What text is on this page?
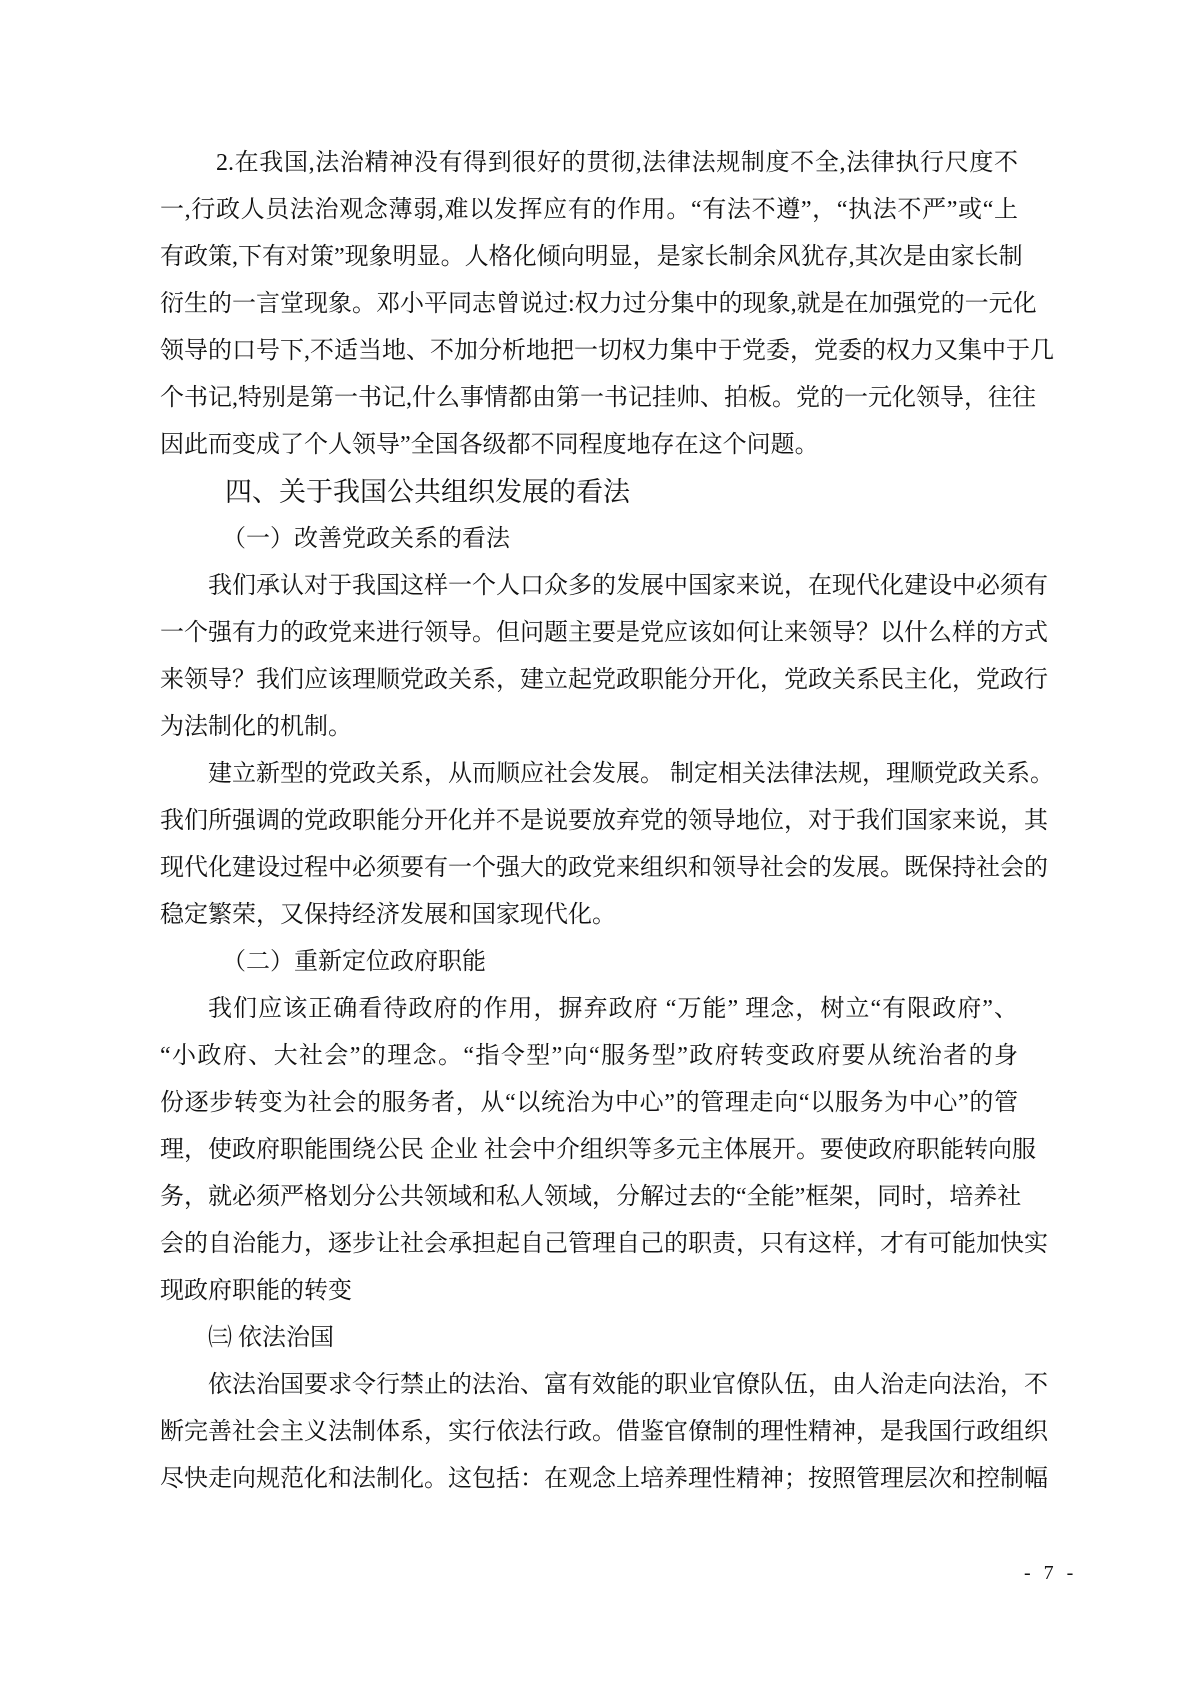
2.在我国,法治精神没有得到很好的贯彻,法律法规制度不全,法律执行尺度不
一,行政人员法治观念薄弱,难以发挥应有的作用。“有法不遵”，“执法不严”或“上
有政策,下有对策”现象明显。人格化倾向明显，是家长制余风犹存,其次是由家长制
衍生的一言堂现象。邓小平同志曾说过:权力过分集中的现象,就是在加强党的一元化
领导的口号下,不适当地、不加分析地把一切权力集中于党委，党委的权力又集中于几
个书记,特别是第一书记,什么事情都由第一书记挂帅、拍板。党的一元化领导，往往
因此而变成了个人领导”全国各级都不同程度地存在这个问题。
四、关于我国公共组织发展的看法
（一）改善党政关系的看法
我们承认对于我国这样一个人口众多的发展中国家来说，在现代化建设中必须有
一个强有力的政党来进行领导。但问题主要是党应该如何让来领导？以什么样的方式
来领导？我们应该理顺党政关系，建立起党政职能分开化，党政关系民主化，党政行
为法制化的机制。
建立新型的党政关系，从而顺应社会发展。 制定相关法律法规，理顺党政关系。
我们所强调的党政职能分开化并不是说要放弃党的领导地位，对于我们国家来说，其
现代化建设过程中必须要有一个强大的政党来组织和领导社会的发展。既保持社会的
稳定繁荣，又保持经济发展和国家现代化。
（二）重新定位政府职能
我们应该正确看待政府的作用，摒弃政府 “万能” 理念，树立“有限政府”、
“小政府、大社会”的理念。“指令型”向“服务型”政府转变政府要从统治者的身
份逐步转变为社会的服务者，从“以统治为中心”的管理走向“以服务为中心”的管
理，使政府职能围绕公民 企业 社会中介组织等多元主体展开。要使政府职能转向服
务，就必须严格划分公共领域和私人领域，分解过去的“全能”框架，同时，培养社
会的自治能力，逐步让社会承担起自己管理自己的职责，只有这样，才有可能加快实
现政府职能的转变
㈢ 依法治国
依法治国要求令行禁止的法治、富有效能的职业官僚队伍，由人治走向法治，不
断完善社会主义法制体系，实行依法行政。借鉴官僚制的理性精神，是我国行政组织
尽快走向规范化和法制化。这包括：在观念上培养理性精神；按照管理层次和控制幅
- 7 -
